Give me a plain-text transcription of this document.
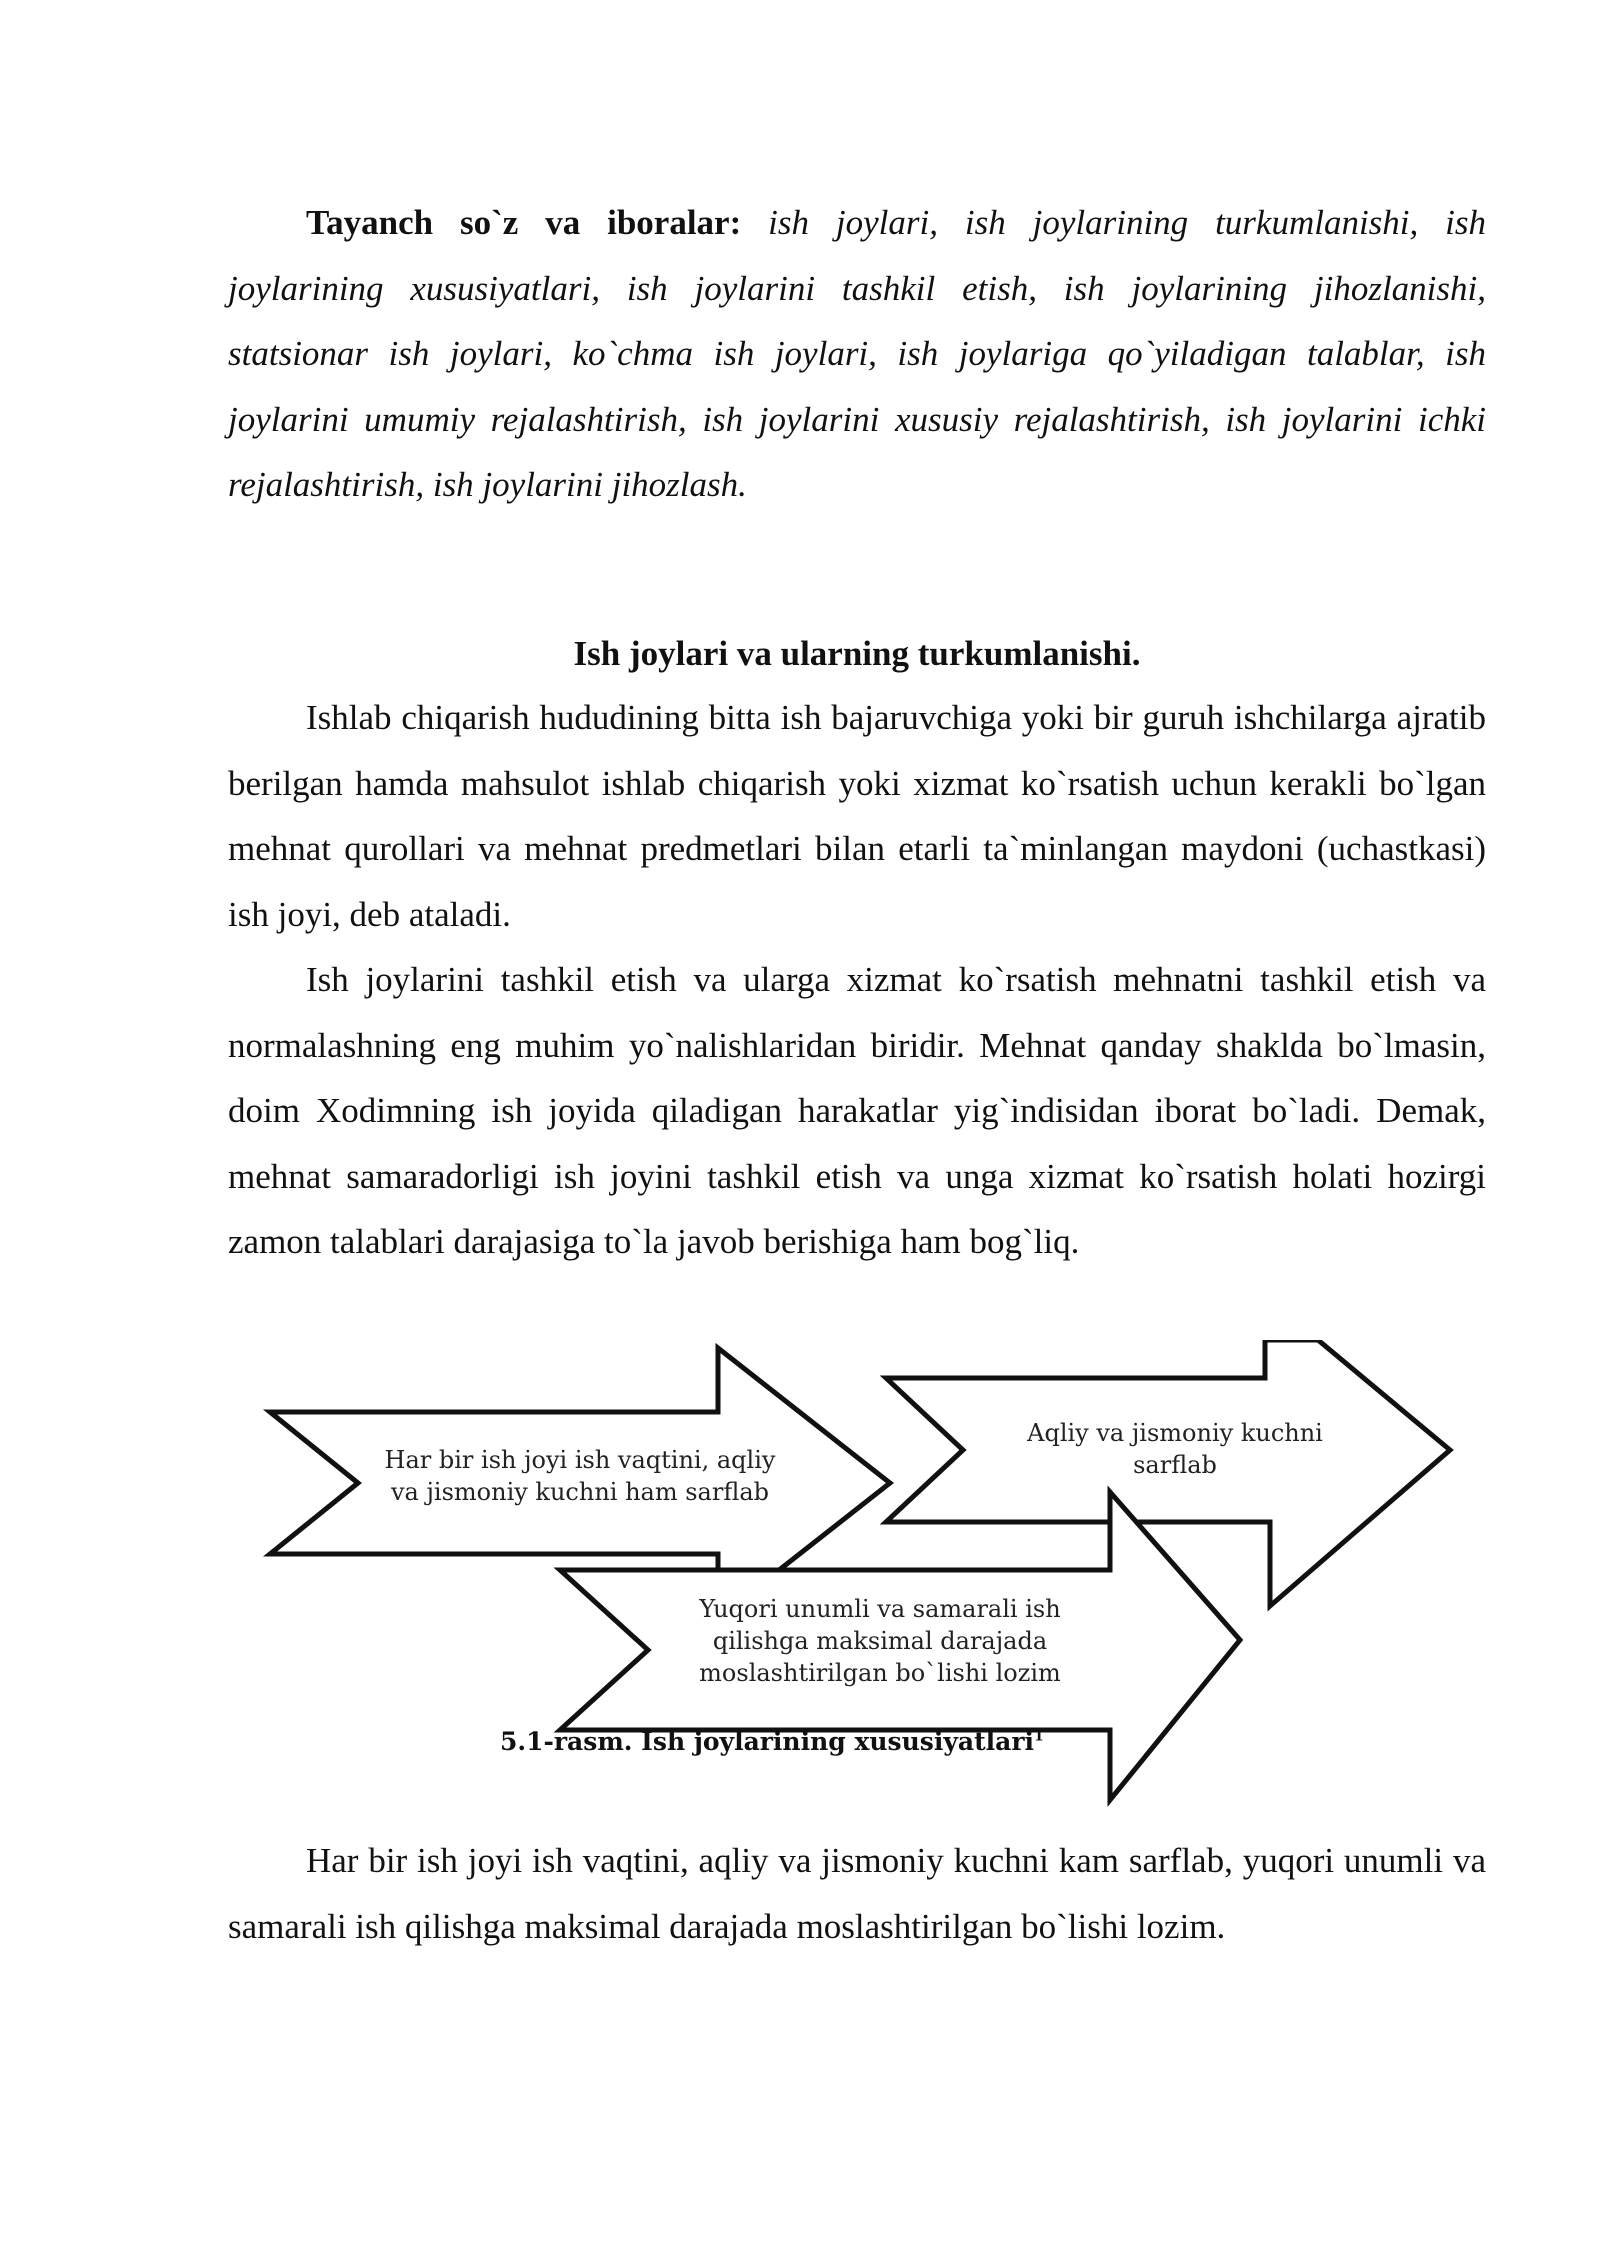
Tayanch so`z va iboralar: ish joylari, ish joylarining turkumlanishi, ish joylarining xususiyatlari, ish joylarini tashkil etish, ish joylarining jihozlanishi, statsionar ish joylari, ko`chma ish joylari, ish joylariga qo`yiladigan talablar, ish joylarini umumiy rejalashtirish, ish joylarini xususiy rejalashtirish, ish joylarini ichki rejalashtirish, ish joylarini jihozlash.

Ish joylari va ularning turkumlanishi.

Ishlab chiqarish hududining bitta ish bajaruvchiga yoki bir guruh ishchilarga ajratib berilgan hamda mahsulot ishlab chiqarish yoki xizmat ko`rsatish uchun kerakli bo`lgan mehnat qurollari va mehnat predmetlari bilan etarli ta`minlangan maydoni (uchastkasi) ish joyi, deb ataladi.

Ish joylarini tashkil etish va ularga xizmat ko`rsatish mehnatni tashkil etish va normalashning eng muhim yo`nalishlaridan biridir. Mehnat qanday shaklda bo`lmasin, doim Xodimning ish joyida qiladigan harakatlar yig`indisidan iborat bo`ladi. Demak, mehnat samaradorligi ish joyini tashkil etish va unga xizmat ko`rsatish holati hozirgi zamon talablari darajasiga to`la javob berishiga ham bog`liq.

Har bir ish joyi ish vaqtini, aqliy va jismoniy kuchni ham sarflab
Aqliy va jismoniy kuchni sarflab
Yuqori unumli va samarali ish qilishga maksimal darajada moslashtirilgan bo`lishi lozim
5.1-rasm. Ish joylarining xususiyatlari$^1$

Har bir ish joyi ish vaqtini, aqliy va jismoniy kuchni kam sarflab, yuqori unumli va samarali ish qilishga maksimal darajada moslashtirilgan bo`lishi lozim.
